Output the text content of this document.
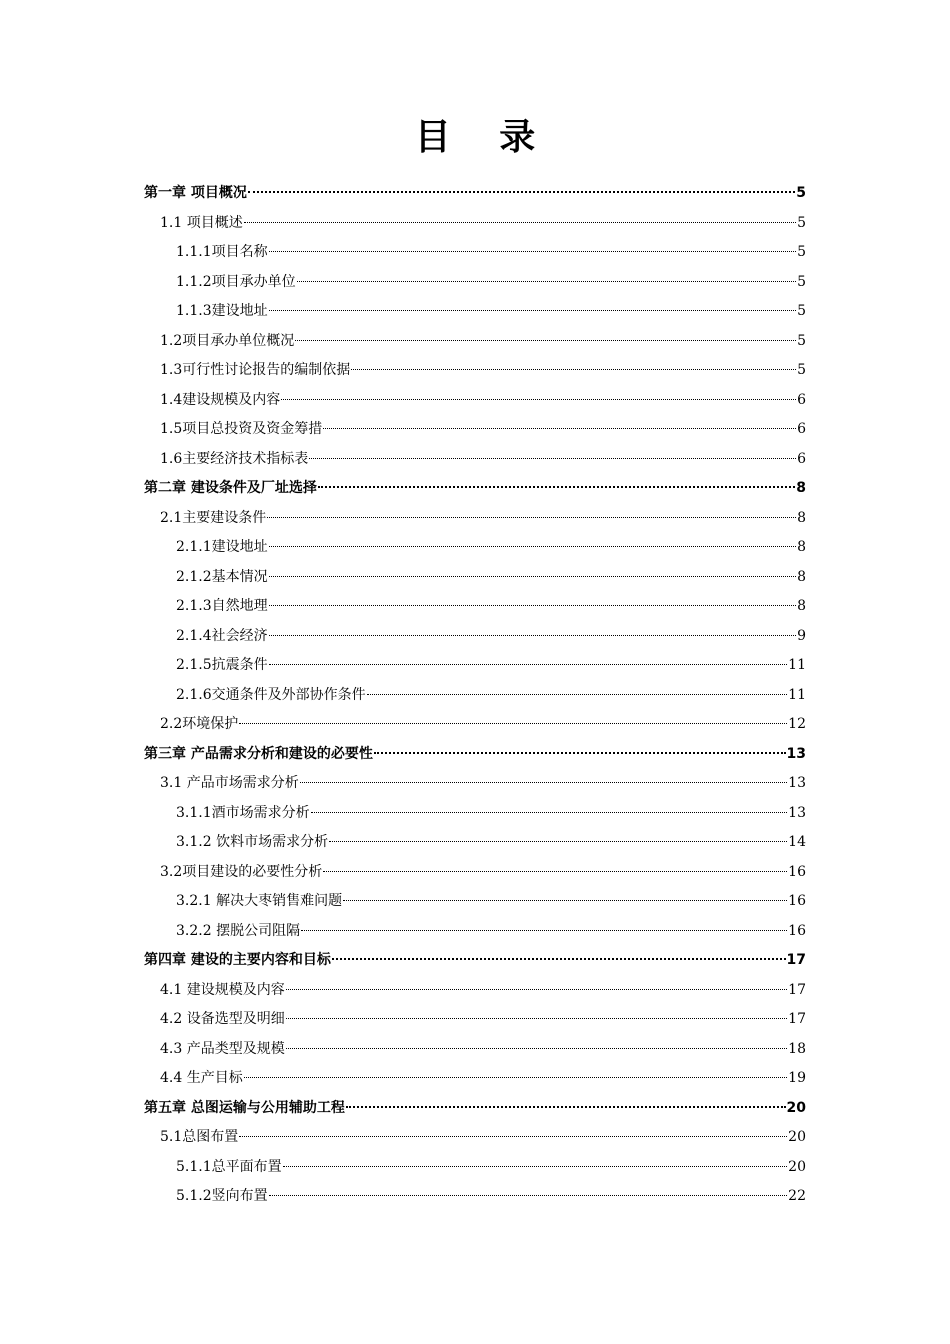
目 录
第一章 项目概况	5
1.1 项目概述	5
1.1.1项目名称	5
1.1.2项目承办单位	5
1.1.3建设地址	5
1.2项目承办单位概况	5
1.3可行性讨论报告的编制依据	5
1.4建设规模及内容	6
1.5项目总投资及资金筹措	6
1.6主要经济技术指标表	6
第二章 建设条件及厂址选择	8
2.1主要建设条件	8
2.1.1建设地址	8
2.1.2基本情况	8
2.1.3自然地理	8
2.1.4社会经济	9
2.1.5抗震条件	11
2.1.6交通条件及外部协作条件	11
2.2环境保护	12
第三章 产品需求分析和建设的必要性	13
3.1 产品市场需求分析	13
3.1.1酒市场需求分析	13
3.1.2 饮料市场需求分析	14
3.2项目建设的必要性分析	16
3.2.1 解决大枣销售难问题	16
3.2.2 摆脱公司阻隔	16
第四章 建设的主要内容和目标	17
4.1 建设规模及内容	17
4.2 设备选型及明细	17
4.3 产品类型及规模	18
4.4 生产目标	19
第五章 总图运输与公用辅助工程	20
5.1总图布置	20
5.1.1总平面布置	20
5.1.2竖向布置	22
